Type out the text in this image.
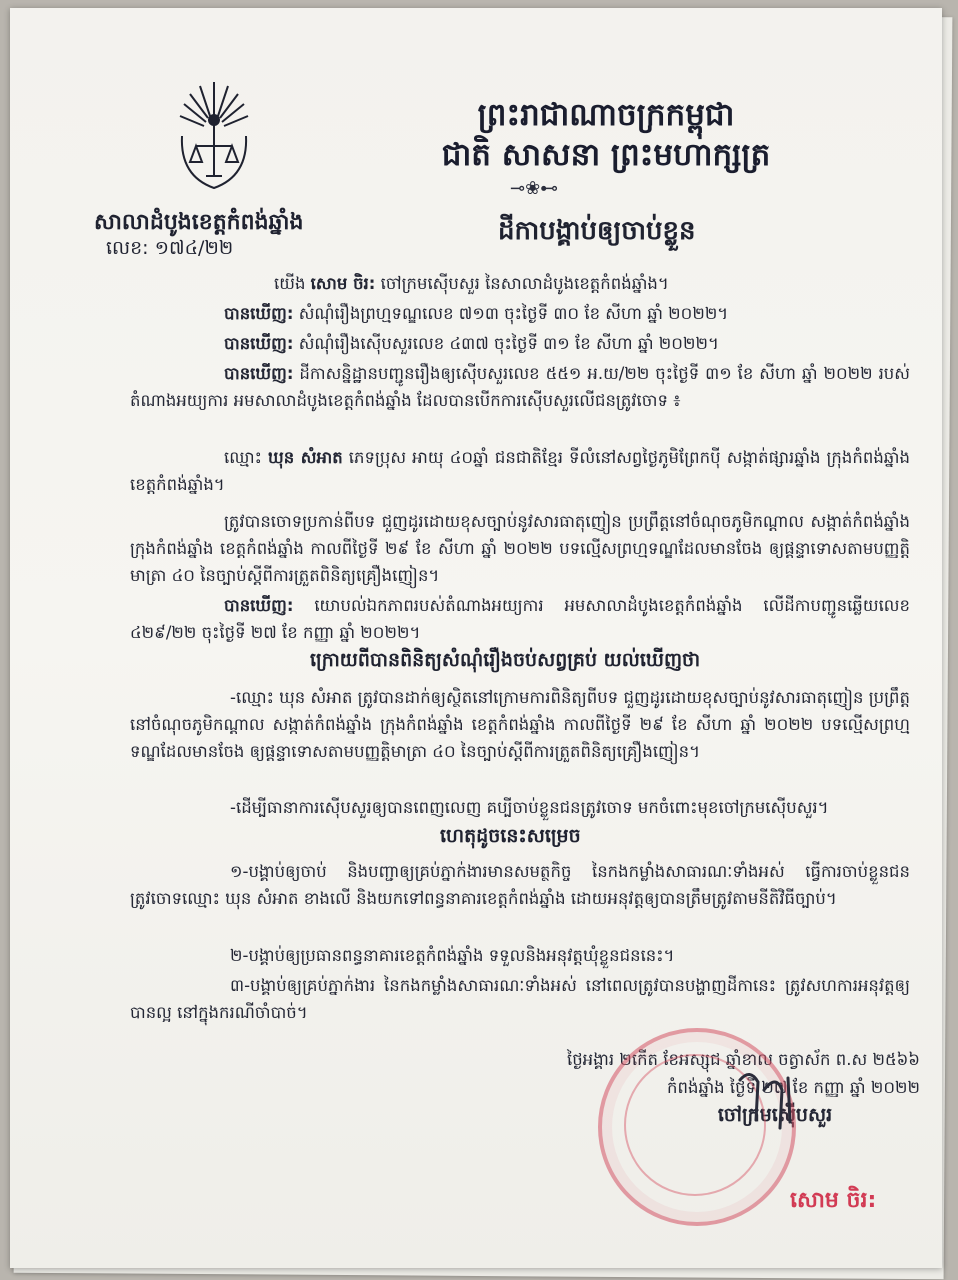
ព្រះរាជាណាចក្រកម្ពុជា
ជាតិ សាសនា ព្រះមហាក្សត្រ
⊸❀⊷
សាលាដំបូងខេត្តកំពង់ឆ្នាំង
លេខ: ១៧៤/២២
ដីកាបង្គាប់ឲ្យចាប់ខ្លួន
យើង សោម ចិរ: ចៅក្រមស៊ើបសួរ នៃសាលាដំបូងខេត្តកំពង់ឆ្នាំង។
បានឃើញ: សំណុំរឿងព្រហ្មទណ្ឌលេខ ៧១៣ ចុះថ្ងៃទី ៣០ ខែ សីហា ឆ្នាំ ២០២២។
បានឃើញ: សំណុំរឿងស៊ើបសួរលេខ ៤៣៧ ចុះថ្ងៃទី ៣១ ខែ សីហា ឆ្នាំ ២០២២។
បានឃើញ: ដីកាសន្និដ្ឋានបញ្ជូនរឿងឲ្យស៊ើបសួរលេខ ៥៥១ អ.យ/២២ ចុះថ្ងៃទី ៣១ ខែ សីហា ឆ្នាំ ២០២២ របស់តំណាងអយ្យការ អមសាលាដំបូងខេត្តកំពង់ឆ្នាំង ដែលបានបើកការស៊ើបសួរលើជនត្រូវចោទ ៖
ឈ្មោះ ឃុន សំអាត ភេទប្រុស អាយុ ៤០ឆ្នាំ ជនជាតិខ្មែរ ទីលំនៅសព្វថ្ងៃភូមិព្រែកប៉ី សង្កាត់ផ្សារឆ្នាំង ក្រុងកំពង់ឆ្នាំង ខេត្តកំពង់ឆ្នាំង។
ត្រូវបានចោទប្រកាន់ពីបទ ជួញដូរដោយខុសច្បាប់នូវសារធាតុញៀន ប្រព្រឹត្តនៅចំណុចភូមិកណ្តាល សង្កាត់កំពង់ឆ្នាំង ក្រុងកំពង់ឆ្នាំង ខេត្តកំពង់ឆ្នាំង កាលពីថ្ងៃទី ២៩ ខែ សីហា ឆ្នាំ ២០២២ បទល្មើសព្រហ្មទណ្ឌដែលមានចែង ឲ្យផ្តន្ទាទោសតាមបញ្ញត្តិមាត្រា ៤០ នៃច្បាប់ស្តីពីការត្រួតពិនិត្យគ្រឿងញៀន។
បានឃើញ: យោបល់ឯកភាពរបស់តំណាងអយ្យការ អមសាលាដំបូងខេត្តកំពង់ឆ្នាំង លើដីកាបញ្ជូនឆ្លើយលេខ ៤២៩/២២ ចុះថ្ងៃទី ២៧ ខែ កញ្ញា ឆ្នាំ ២០២២។
ក្រោយពីបានពិនិត្យសំណុំរឿងចប់សព្វគ្រប់ យល់ឃើញថា
-ឈ្មោះ ឃុន សំអាត ត្រូវបានដាក់ឲ្យស្ថិតនៅក្រោមការពិនិត្យពីបទ ជួញដូរដោយខុសច្បាប់នូវសារធាតុញៀន ប្រព្រឹត្តនៅចំណុចភូមិកណ្តាល សង្កាត់កំពង់ឆ្នាំង ក្រុងកំពង់ឆ្នាំង ខេត្តកំពង់ឆ្នាំង កាលពីថ្ងៃទី ២៩ ខែ សីហា ឆ្នាំ ២០២២ បទល្មើសព្រហ្មទណ្ឌដែលមានចែង ឲ្យផ្តន្ទាទោសតាមបញ្ញត្តិមាត្រា ៤០ នៃច្បាប់ស្តីពីការត្រួតពិនិត្យគ្រឿងញៀន។
-ដើម្បីធានាការស៊ើបសួរឲ្យបានពេញលេញ គប្បីចាប់ខ្លួនជនត្រូវចោទ មកចំពោះមុខចៅក្រមស៊ើបសួរ។
ហេតុដូចនេះសម្រេច
១-បង្គាប់ឲ្យចាប់ និងបញ្ជាឲ្យគ្រប់ភ្នាក់ងារមានសមត្ថកិច្ច នៃកងកម្លាំងសាធារណៈទាំងអស់ ធ្វើការចាប់ខ្លួនជនត្រូវចោទឈ្មោះ ឃុន សំអាត ខាងលើ និងយកទៅពន្ធនាគារខេត្តកំពង់ឆ្នាំង ដោយអនុវត្តឲ្យបានត្រឹមត្រូវតាមនីតិវិធីច្បាប់។
២-បង្គាប់ឲ្យប្រធានពន្ធនាគារខេត្តកំពង់ឆ្នាំង ទទួលនិងអនុវត្តឃុំខ្លួនជននេះ។
៣-បង្គាប់ឲ្យគ្រប់ភ្នាក់ងារ នៃកងកម្លាំងសាធារណៈទាំងអស់ នៅពេលត្រូវបានបង្ហាញដីកានេះ ត្រូវសហការអនុវត្តឲ្យបានល្អ នៅក្នុងករណីចាំបាច់។
ថ្ងៃអង្គារ ២កើត ខែអស្សុជ ឆ្នាំខាល ចត្វាស័ក ព.ស ២៥៦៦
កំពង់ឆ្នាំង ថ្ងៃទី ២៧ ខែ កញ្ញា ឆ្នាំ ២០២២
ចៅក្រមស៊ើបសួរ
សោម ចិរ:
